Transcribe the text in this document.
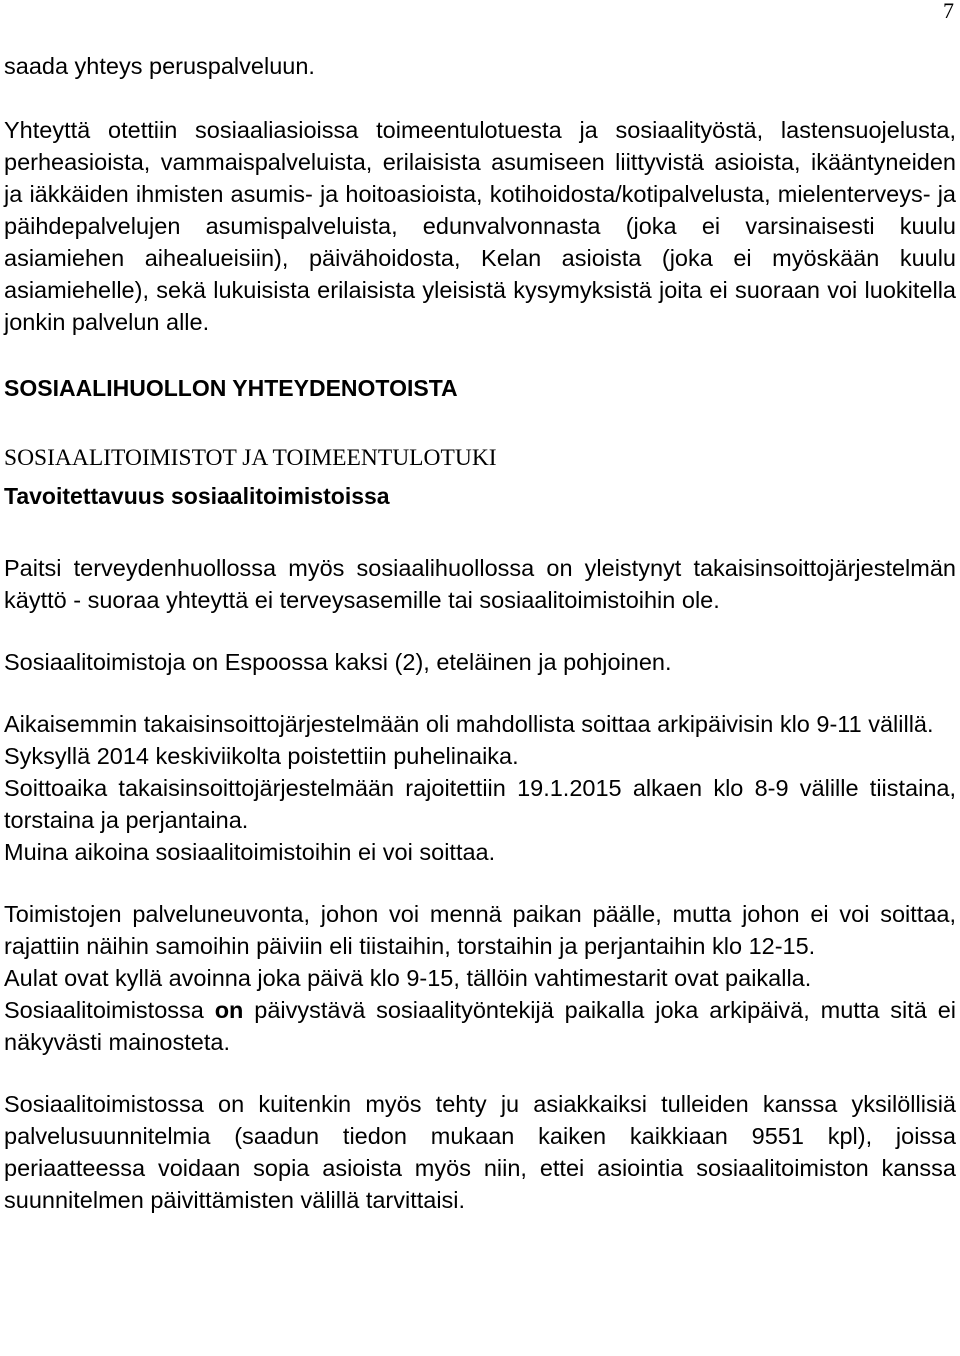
7

saada yhteys peruspalveluun.

Yhteyttä otettiin sosiaaliasioissa toimeentulotuesta ja sosiaalityöstä, lastensuojelusta, perheasioista, vammaispalveluista, erilaisista asumiseen liittyvistä asioista, ikääntyneiden ja iäkkäiden ihmisten asumis- ja hoitoasioista, kotihoidosta/kotipalvelusta, mielenterveys- ja päihdepalvelujen asumispalveluista, edunvalvonnasta (joka ei varsinaisesti kuulu asiamiehen aihealueisiin), päivähoidosta, Kelan asioista (joka ei myöskään kuulu asiamiehelle), sekä lukuisista erilaisista yleisistä kysymyksistä joita ei suoraan voi luokitella jonkin palvelun alle.

SOSIAALIHUOLLON YHTEYDENOTOISTA
SOSIAALITOIMISTOT JA TOIMEENTULOTUKI
Tavoitettavuus sosiaalitoimistoissa

Paitsi terveydenhuollossa myös sosiaalihuollossa on yleistynyt takaisinsoittojärjestelmän käyttö - suoraa yhteyttä ei terveysasemille tai sosiaalitoimistoihin ole.

Sosiaalitoimistoja on Espoossa kaksi (2), eteläinen ja pohjoinen.

Aikaisemmin takaisinsoittojärjestelmään oli mahdollista soittaa arkipäivisin klo 9-11 välillä.

Syksyllä 2014 keskiviikolta poistettiin puhelinaika.

Soittoaika takaisinsoittojärjestelmään rajoitettiin 19.1.2015 alkaen klo 8-9 välille tiistaina, torstaina ja perjantaina.

Muina aikoina sosiaalitoimistoihin ei voi soittaa.

Toimistojen palveluneuvonta, johon voi mennä paikan päälle, mutta johon ei voi soittaa, rajattiin näihin samoihin päiviin eli tiistaihin, torstaihin ja perjantaihin klo 12-15.

Aulat ovat kyllä avoinna joka päivä klo 9-15, tällöin vahtimestarit ovat paikalla.

Sosiaalitoimistossa on päivystävä sosiaalityöntekijä paikalla joka arkipäivä, mutta sitä ei näkyvästi mainosteta.

Sosiaalitoimistossa on kuitenkin myös tehty ju asiakkaiksi tulleiden kanssa yksilöllisiä palvelusuunnitelmia (saadun tiedon mukaan kaiken kaikkiaan 9551 kpl), joissa periaatteessa voidaan sopia asioista myös niin, ettei asiointia sosiaalitoimiston kanssa suunnitelmen päivittämisten välillä tarvittaisi.
